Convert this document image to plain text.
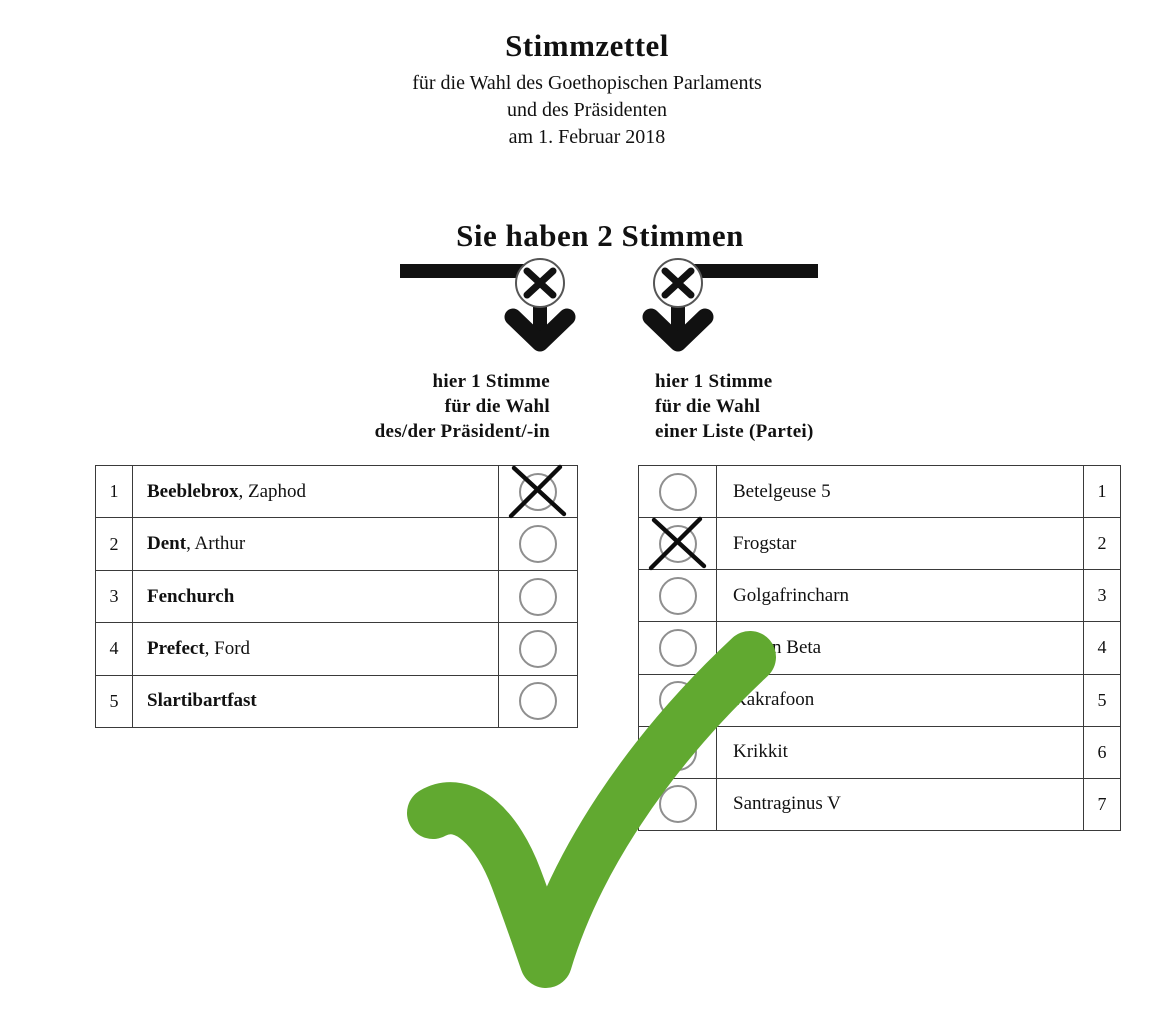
Stimmzettel
für die Wahl des Goethopischen Parlaments
und des Präsidenten
am 1. Februar 2018
Sie haben 2 Stimmen
hier 1 Stimme
für die Wahl
des/der Präsident/-in
hier 1 Stimme
für die Wahl
einer Liste (Partei)
1	Beeblebrox , Zaphod
2	Dent , Arthur
3	Fenchurch
4	Prefect , Ford
5	Slartibartfast
Betelgeuse 5	1
Frogstar	2
Golgafrincharn	3
Jaglan Beta	4
Kakrafoon	5
Krikkit	6
Santraginus V	7
